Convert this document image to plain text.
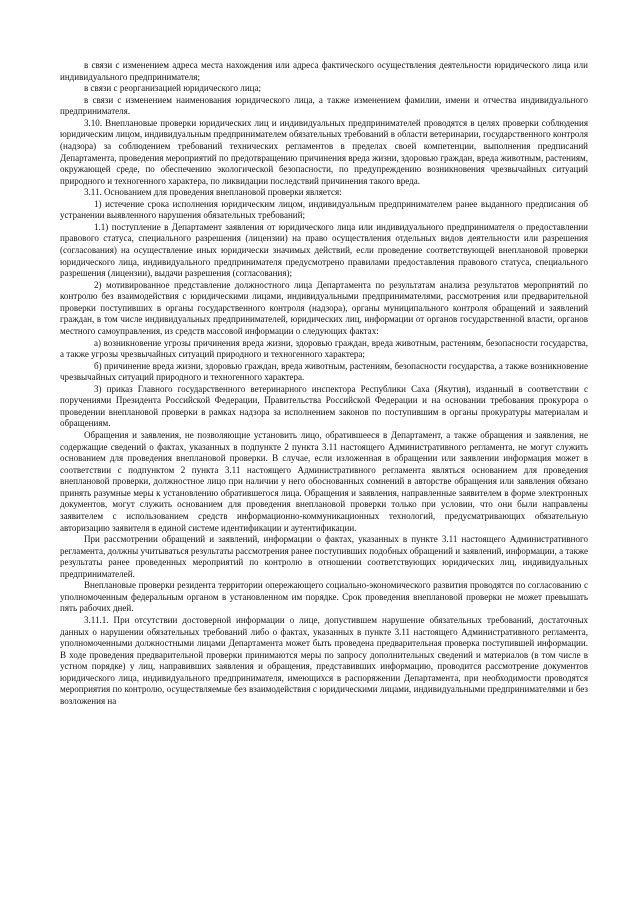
в связи с изменением адреса места нахождения или адреса фактического осуществления деятельности юридического лица или индивидуального предпринимателя;

в связи с реорганизацией юридического лица;

в связи с изменением наименования юридического лица, а также изменением фамилии, имени и отчества индивидуального предпринимателя.

3.10. Внеплановые проверки юридических лиц и индивидуальных предпринимателей проводятся в целях проверки соблюдения юридическим лицом, индивидуальным предпринимателем обязательных требований в области ветеринарии, государственного контроля (надзора) за соблюдением требований технических регламентов в пределах своей компетенции, выполнения предписаний Департамента, проведения мероприятий по предотвращению причинения вреда жизни, здоровью граждан, вреда животным, растениям, окружающей среде, по обеспечению экологической безопасности, по предупреждению возникновения чрезвычайных ситуаций природного и техногенного характера, по ликвидации последствий причинения такого вреда.

3.11. Основанием для проведения внеплановой проверки является:

1) истечение срока исполнения юридическим лицом, индивидуальным предпринимателем ранее выданного предписания об устранении выявленного нарушения обязательных требований;

1.1) поступление в Департамент заявления от юридического лица или индивидуального предпринимателя о предоставлении правового статуса, специального разрешения (лицензии) на право осуществления отдельных видов деятельности или разрешения (согласования) на осуществление иных юридически значимых действий, если проведение соответствующей внеплановой проверки юридического лица, индивидуального предпринимателя предусмотрено правилами предоставления правового статуса, специального разрешения (лицензии), выдачи разрешения (согласования);

2) мотивированное представление должностного лица Департамента по результатам анализа результатов мероприятий по контролю без взаимодействия с юридическими лицами, индивидуальными предпринимателями, рассмотрения или предварительной проверки поступивших в органы государственного контроля (надзора), органы муниципального контроля обращений и заявлений граждан, в том числе индивидуальных предпринимателей, юридических лиц, информации от органов государственной власти, органов местного самоуправления, из средств массовой информации о следующих фактах:

а) возникновение угрозы причинения вреда жизни, здоровью граждан, вреда животным, растениям, безопасности государства, а также угрозы чрезвычайных ситуаций природного и техногенного характера;

б) причинение вреда жизни, здоровью граждан, вреда животным, растениям, безопасности государства, а также возникновение чрезвычайных ситуаций природного и техногенного характера.

3) приказ Главного государственного ветеринарного инспектора Республики Саха (Якутия), изданный в соответствии с поручениями Президента Российской Федерации, Правительства Российской Федерации и на основании требования прокурора о проведении внеплановой проверки в рамках надзора за исполнением законов по поступившим в органы прокуратуры материалам и обращениям.

Обращения и заявления, не позволяющие установить лицо, обратившееся в Департамент, а также обращения и заявления, не содержащие сведений о фактах, указанных в подпункте 2 пункта 3.11 настоящего Административного регламента, не могут служить основанием для проведения внеплановой проверки. В случае, если изложенная в обращении или заявлении информация может в соответствии с подпунктом 2 пункта 3.11 настоящего Административного регламента являться основанием для проведения внеплановой проверки, должностное лицо при наличии у него обоснованных сомнений в авторстве обращения или заявления обязано принять разумные меры к установлению обратившегося лица. Обращения и заявления, направленные заявителем в форме электронных документов, могут служить основанием для проведения внеплановой проверки только при условии, что они были направлены заявителем с использованием средств информационно-коммуникационных технологий, предусматривающих обязательную авторизацию заявителя в единой системе идентификации и аутентификации.

При рассмотрении обращений и заявлений, информации о фактах, указанных в пункте 3.11 настоящего Административного регламента, должны учитываться результаты рассмотрения ранее поступивших подобных обращений и заявлений, информации, а также результаты ранее проведенных мероприятий по контролю в отношении соответствующих юридических лиц, индивидуальных предпринимателей.

Внеплановые проверки резидента территории опережающего социально-экономического развития проводятся по согласованию с уполномоченным федеральным органом в установленном им порядке. Срок проведения внеплановой проверки не может превышать пять рабочих дней.

3.11.1. При отсутствии достоверной информации о лице, допустившем нарушение обязательных требований, достаточных данных о нарушении обязательных требований либо о фактах, указанных в пункте 3.11 настоящего Административного регламента, уполномоченными должностными лицами Департамента может быть проведена предварительная проверка поступившей информации. В ходе проведения предварительной проверки принимаются меры по запросу дополнительных сведений и материалов (в том числе в устном порядке) у лиц, направивших заявления и обращения, представивших информацию, проводится рассмотрение документов юридического лица, индивидуального предпринимателя, имеющихся в распоряжении Департамента, при необходимости проводятся мероприятия по контролю, осуществляемые без взаимодействия с юридическими лицами, индивидуальными предпринимателями и без возложения на
